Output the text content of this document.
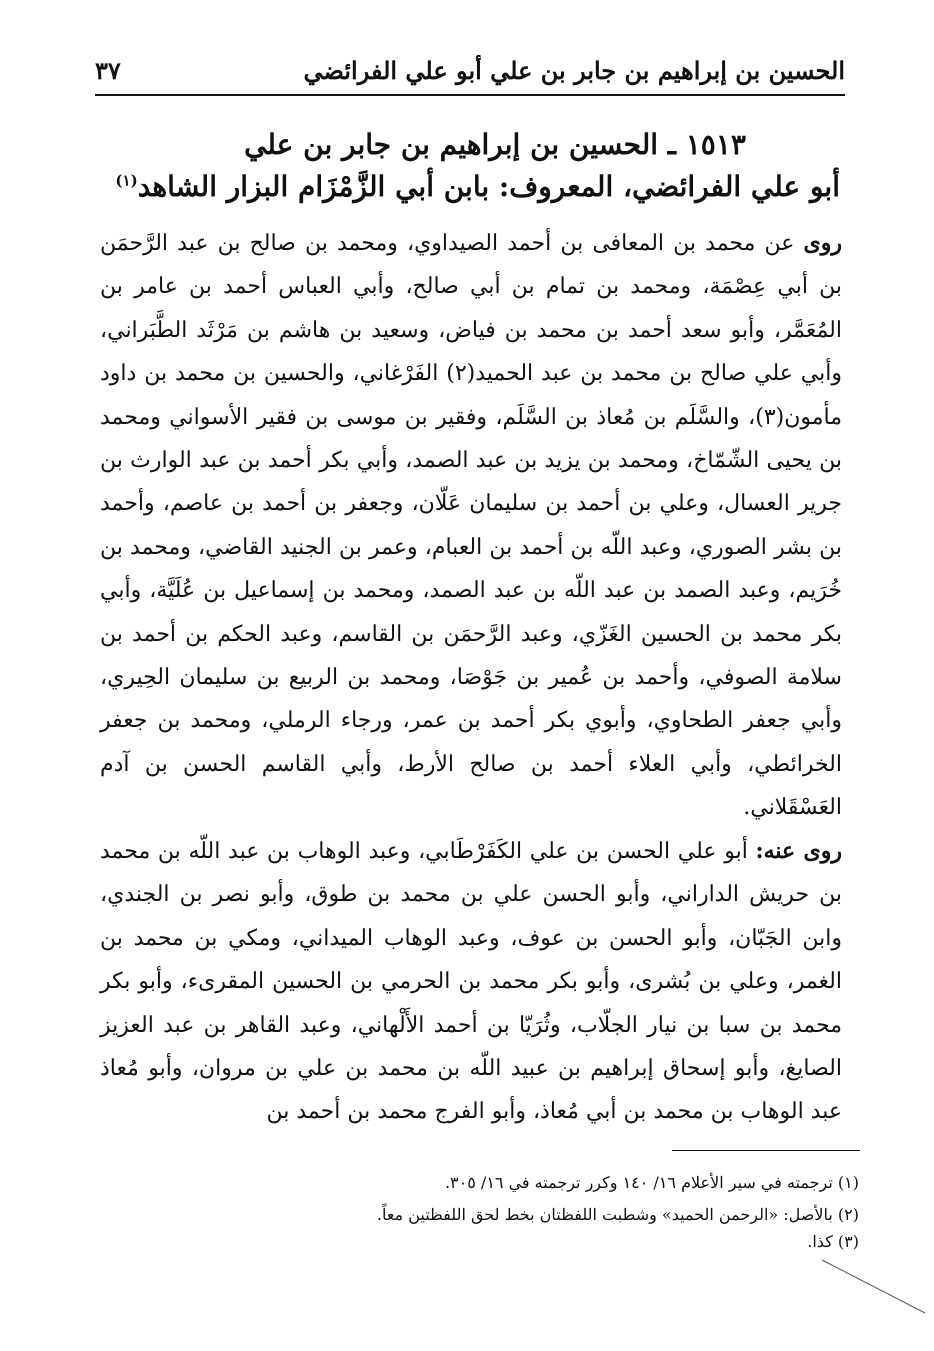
الحسين بن إبراهيم بن جابر بن علي أبو علي الفرائضي
٣٧
١٥١٣ ـ الحسين بن إبراهيم بن جابر بن علي
أبو علي الفرائضي، المعروف: بابن أبي الزَّمْزَام البزار الشاهد$^{(١)}$
روى عن محمد بن المعافى بن أحمد الصيداوي، ومحمد بن صالح بن عبد الرَّحمَن بن أبي عِصْمَة، ومحمد بن تمام بن أبي صالح، وأبي العباس أحمد بن عامر بن المُعَمَّر، وأبو سعد أحمد بن محمد بن فياض، وسعيد بن هاشم بن مَرْثَد الطَّبَراني، وأبي علي صالح بن محمد بن عبد الحميد(٢) الفَرْغاني، والحسين بن محمد بن داود مأمون(٣)، والسَّلَم بن مُعاذ بن السَّلَم، وفقير بن موسى بن فقير الأسواني ومحمد بن يحيى الشّمّاخ، ومحمد بن يزيد بن عبد الصمد، وأبي بكر أحمد بن عبد الوارث بن جرير العسال، وعلي بن أحمد بن سليمان عَلّان، وجعفر بن أحمد بن عاصم، وأحمد بن بشر الصوري، وعبد اللّه بن أحمد بن العبام، وعمر بن الجنيد القاضي، ومحمد بن خُرَيم، وعبد الصمد بن عبد اللّه بن عبد الصمد، ومحمد بن إسماعيل بن عُلَيَّة، وأبي بكر محمد بن الحسين الغَزّي، وعبد الرَّحمَن بن القاسم، وعبد الحكم بن أحمد بن سلامة الصوفي، وأحمد بن عُمير بن جَوْصَا، ومحمد بن الربيع بن سليمان الحِيري، وأبي جعفر الطحاوي، وأبوي بكر أحمد بن عمر، ورجاء الرملي، ومحمد بن جعفر الخرائطي، وأبي العلاء أحمد بن صالح الأرط، وأبي القاسم الحسن بن آدم العَسْقَلاني.
روى عنه: أبو علي الحسن بن علي الكَفَرْطَابي، وعبد الوهاب بن عبد اللّه بن محمد بن حريش الداراني، وأبو الحسن علي بن محمد بن طوق، وأبو نصر بن الجندي، وابن الجَبّان، وأبو الحسن بن عوف، وعبد الوهاب الميداني، ومكي بن محمد بن الغمر، وعلي بن بُشرى، وأبو بكر محمد بن الحرمي بن الحسين المقرىء، وأبو بكر محمد بن سبا بن نيار الجلّاب، وثُرَيّا بن أحمد الأَلْهاني، وعبد القاهر بن عبد العزيز الصايغ، وأبو إسحاق إبراهيم بن عبيد اللّه بن محمد بن علي بن مروان، وأبو مُعاذ عبد الوهاب بن محمد بن أبي مُعاذ، وأبو الفرج محمد بن أحمد بن
(١) ترجمته في سير الأعلام ١٦/ ١٤٠ وكرر ترجمته في ١٦/ ٣٠٥.
(٢) بالأصل: «الرحمن الحميد» وشطبت اللفظتان بخط لحق اللفظتين معاً.
(٣) كذا.
